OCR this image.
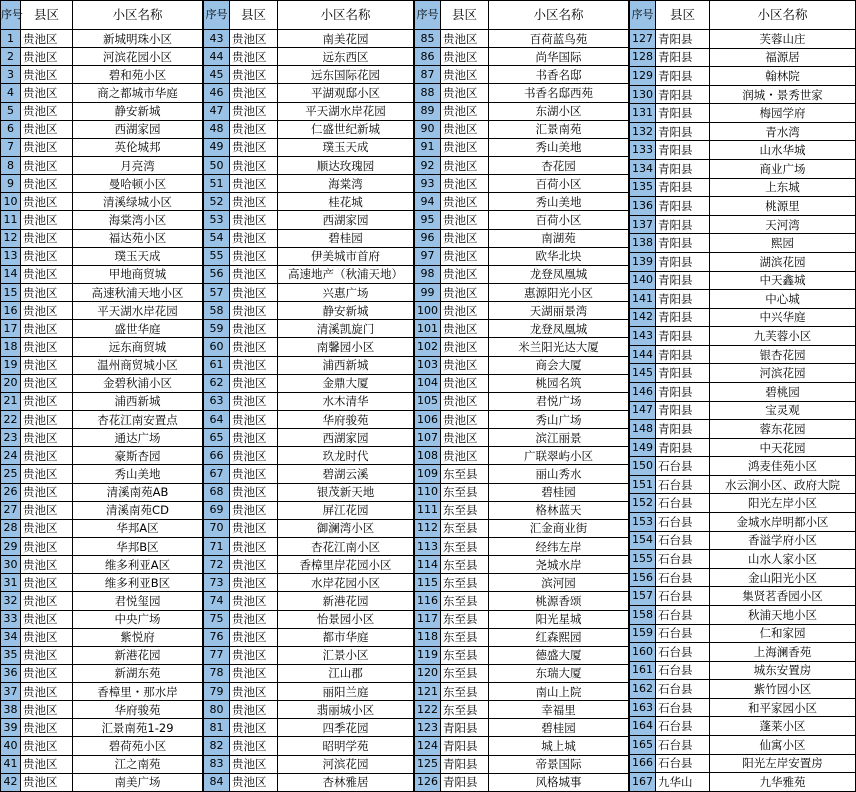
序号	县区	小区名称
1	贵池区	新城明珠小区
2	贵池区	河滨花园小区
3	贵池区	碧和苑小区
4	贵池区	商之都城市华庭
5	贵池区	静安新城
6	贵池区	西湖家园
7	贵池区	英伦城邦
8	贵池区	月亮湾
9	贵池区	曼哈顿小区
10	贵池区	清溪绿城小区
11	贵池区	海棠湾小区
12	贵池区	福达苑小区
13	贵池区	璞玉天成
14	贵池区	甲地商贸城
15	贵池区	高速秋浦天地小区
16	贵池区	平天湖水岸花园
17	贵池区	盛世华庭
18	贵池区	远东商贸城
19	贵池区	温州商贸城小区
20	贵池区	金碧秋浦小区
21	贵池区	浦西新城
22	贵池区	杏花江南安置点
23	贵池区	通达广场
24	贵池区	豪斯杏园
25	贵池区	秀山美地
26	贵池区	清溪南苑AB
27	贵池区	清溪南苑CD
28	贵池区	华邦A区
29	贵池区	华邦B区
30	贵池区	维多利亚A区
31	贵池区	维多利亚B区
32	贵池区	君悦玺园
33	贵池区	中央广场
34	贵池区	紫悦府
35	贵池区	新港花园
36	贵池区	新湖东苑
37	贵池区	香樟里・那水岸
38	贵池区	华府骏苑
39	贵池区	汇景南苑1-29
40	贵池区	碧荷苑小区
41	贵池区	江之南苑
42	贵池区	南美广场
序号	县区	小区名称
43	贵池区	南美花园
44	贵池区	远东西区
45	贵池区	远东国际花园
46	贵池区	平湖观邸小区
47	贵池区	平天湖水岸花园
48	贵池区	仁盛世纪新城
49	贵池区	璞玉天成
50	贵池区	顺达玫瑰园
51	贵池区	海棠湾
52	贵池区	桂花城
53	贵池区	西湖家园
54	贵池区	碧桂园
55	贵池区	伊美城市首府
56	贵池区	高速地产（秋浦天地）
57	贵池区	兴惠广场
58	贵池区	静安新城
59	贵池区	清溪凯旋门
60	贵池区	南馨园小区
61	贵池区	浦西新城
62	贵池区	金鼎大厦
63	贵池区	水木清华
64	贵池区	华府骏苑
65	贵池区	西湖家园
66	贵池区	玖龙时代
67	贵池区	碧湖云溪
68	贵池区	银茂新天地
69	贵池区	屏江花园
70	贵池区	御澜湾小区
71	贵池区	杏花江南小区
72	贵池区	香樟里岸花园小区
73	贵池区	水岸花园小区
74	贵池区	新港花园
75	贵池区	怡景园小区
76	贵池区	都市华庭
77	贵池区	汇景小区
78	贵池区	江山郡
79	贵池区	丽阳兰庭
80	贵池区	翡丽城小区
81	贵池区	四季花园
82	贵池区	昭明学苑
83	贵池区	河滨花园
84	贵池区	杏林雅居
序号	县区	小区名称
85	贵池区	百荷蓝鸟苑
86	贵池区	尚华国际
87	贵池区	书香名邸
88	贵池区	书香名邸西苑
89	贵池区	东湖小区
90	贵池区	汇景南苑
91	贵池区	秀山美地
92	贵池区	杏花园
93	贵池区	百荷小区
94	贵池区	秀山美地
95	贵池区	百荷小区
96	贵池区	南湖苑
97	贵池区	欧华北块
98	贵池区	龙登凤凰城
99	贵池区	惠源阳光小区
100	贵池区	天湖丽景湾
101	贵池区	龙登凤凰城
102	贵池区	米兰阳光达大厦
103	贵池区	商会大厦
104	贵池区	桃园名筑
105	贵池区	君悦广场
106	贵池区	秀山广场
107	贵池区	滨江丽景
108	贵池区	广联翠屿小区
109	东至县	丽山秀水
110	东至县	碧桂园
111	东至县	格林蓝天
112	东至县	汇金商业街
113	东至县	经纬左岸
114	东至县	尧城水岸
115	东至县	滨河园
116	东至县	桃源香颂
117	东至县	阳光星城
118	东至县	红森熙园
119	东至县	德盛大厦
120	东至县	东瑞大厦
121	东至县	南山上院
122	东至县	幸福里
123	青阳县	碧桂园
124	青阳县	城上城
125	青阳县	帝景国际
126	青阳县	风格城事
序号	县区	小区名称
127	青阳县	芙蓉山庄
128	青阳县	福源居
129	青阳县	翰林院
130	青阳县	润城・景秀世家
131	青阳县	梅园学府
132	青阳县	青水湾
133	青阳县	山水华城
134	青阳县	商业广场
135	青阳县	上东城
136	青阳县	桃源里
137	青阳县	天河湾
138	青阳县	熙园
139	青阳县	湖滨花园
140	青阳县	中天鑫城
141	青阳县	中心城
142	青阳县	中兴华庭
143	青阳县	九芙蓉小区
144	青阳县	银杏花园
145	青阳县	河滨花园
146	青阳县	碧桃园
147	青阳县	宝灵观
148	青阳县	蓉东花园
149	青阳县	中天花园
150	石台县	鸿麦佳苑小区
151	石台县	水云涧小区、政府大院
152	石台县	阳光左岸小区
153	石台县	金城水岸明都小区
154	石台县	香溢学府小区
155	石台县	山水人家小区
156	石台县	金山阳光小区
157	石台县	集贤茗香园小区
158	石台县	秋浦天地小区
159	石台县	仁和家园
160	石台县	上海澜香苑
161	石台县	城东安置房
162	石台县	紫竹园小区
163	石台县	和平家园小区
164	石台县	蓬莱小区
165	石台县	仙寓小区
166	石台县	阳光左岸安置房
167	九华山	九华雅苑
